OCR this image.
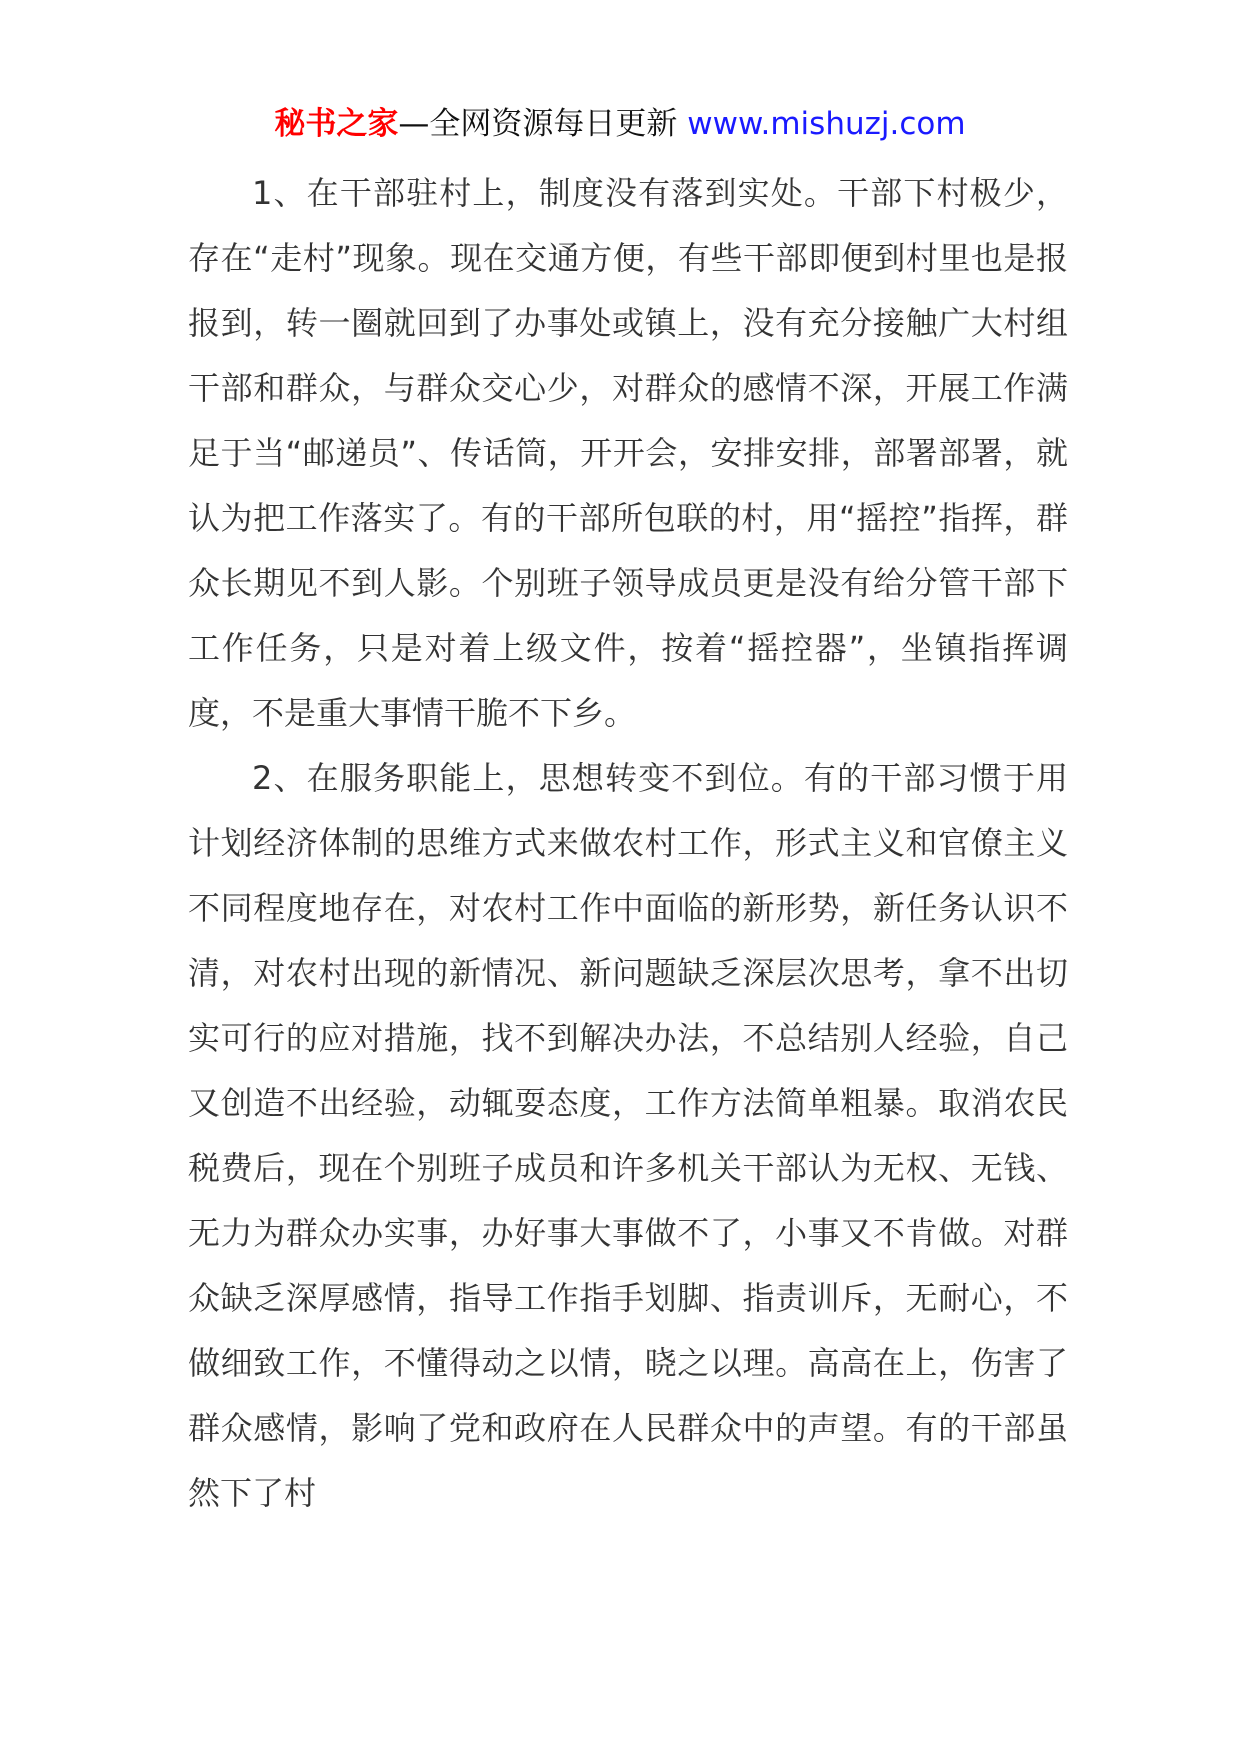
秘书之家—全网资源每日更新 www.mishuzj.com

1、在干部驻村上，制度没有落到实处。干部下村极少，存在“走村”现象。现在交通方便，有些干部即便到村里也是报报到，转一圈就回到了办事处或镇上，没有充分接触广大村组干部和群众，与群众交心少，对群众的感情不深，开展工作满足于当“邮递员”、传话筒，开开会，安排安排，部署部署，就认为把工作落实了。有的干部所包联的村，用“摇控”指挥，群众长期见不到人影。个别班子领导成员更是没有给分管干部下工作任务，只是对着上级文件，按着“摇控器”，坐镇指挥调度，不是重大事情干脆不下乡。

2、在服务职能上，思想转变不到位。有的干部习惯于用计划经济体制的思维方式来做农村工作，形式主义和官僚主义不同程度地存在，对农村工作中面临的新形势，新任务认识不清，对农村出现的新情况、新问题缺乏深层次思考，拿不出切实可行的应对措施，找不到解决办法，不总结别人经验，自己又创造不出经验，动辄耍态度，工作方法简单粗暴。取消农民税费后，现在个别班子成员和许多机关干部认为无权、无钱、无力为群众办实事，办好事大事做不了，小事又不肯做。对群众缺乏深厚感情，指导工作指手划脚、指责训斥，无耐心，不做细致工作，不懂得动之以情，晓之以理。高高在上，伤害了群众感情，影响了党和政府在人民群众中的声望。有的干部虽然下了村
